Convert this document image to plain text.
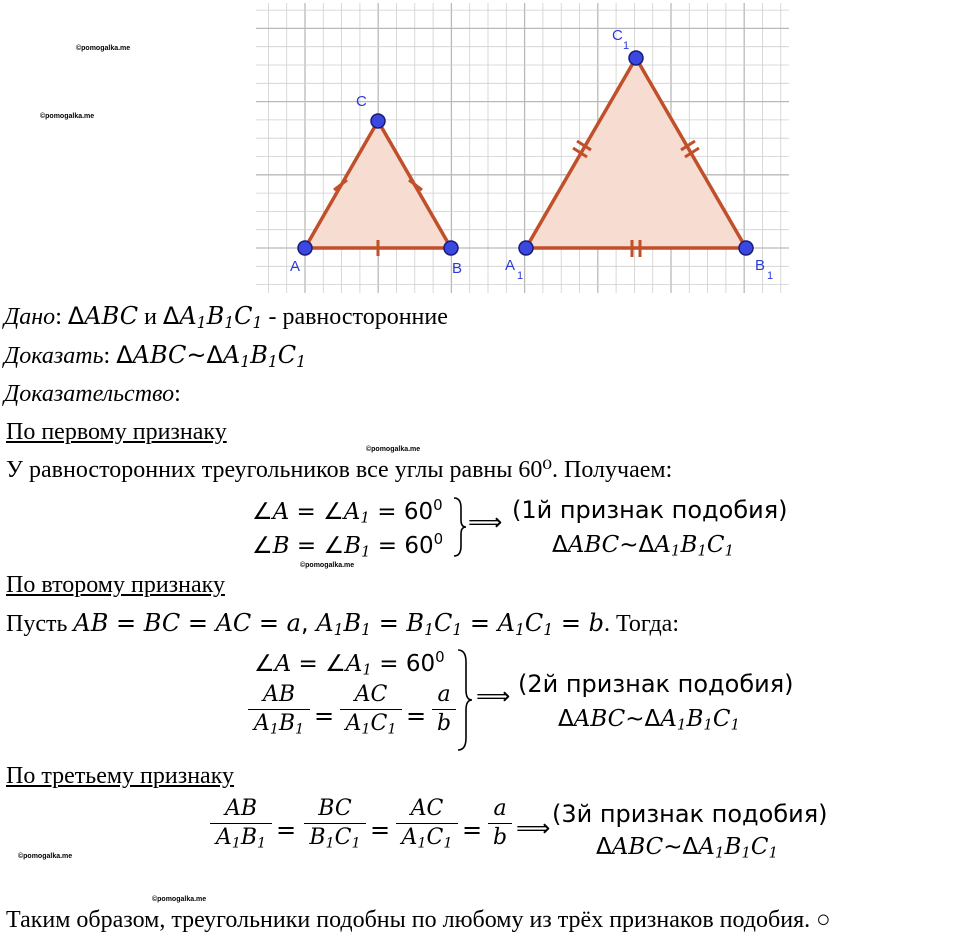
©pomogalka.me
©pomogalka.me
©pomogalka.me
©pomogalka.me
©pomogalka.me
©pomogalka.me
A	B
C
A
1
B
1
C
1
Дано: ΔABC и $\Delta A_1B_1C_1$ - равносторонние
Доказать: $\Delta ABC\sim\Delta A_1B_1C_1$
Доказательство:
По первому признаку
У равносторонних треугольников все углы равны 60⁰. Получаем:
∠A = $\angle A_1 = 60^0$
∠B = $\angle B_1 = 60^0$
⟹ (1й признак подобия)
$\Delta ABC\sim\Delta A_1B_1C_1$
По второму признаку
Пусть AB = BC = AC = a, $A_1B_1 = B_1C_1 = A_1C_1 = b$. Тогда:
∠A = $\angle A_1 = 60^0$
AB
$A_1B_1$ =
AC
$A_1C_1$ =
a
b
⟹ (2й признак подобия)
$\Delta ABC\sim\Delta A_1B_1C_1$
По третьему признаку
AB
$A_1B_1$ =
BC
$B_1C_1$ =
AC
$A_1C_1$ =
a
b ⟹ (3й признак подобия)
$\Delta ABC\sim\Delta A_1B_1C_1$
Таким образом, треугольники подобны по любому из трёх признаков подобия. ○
